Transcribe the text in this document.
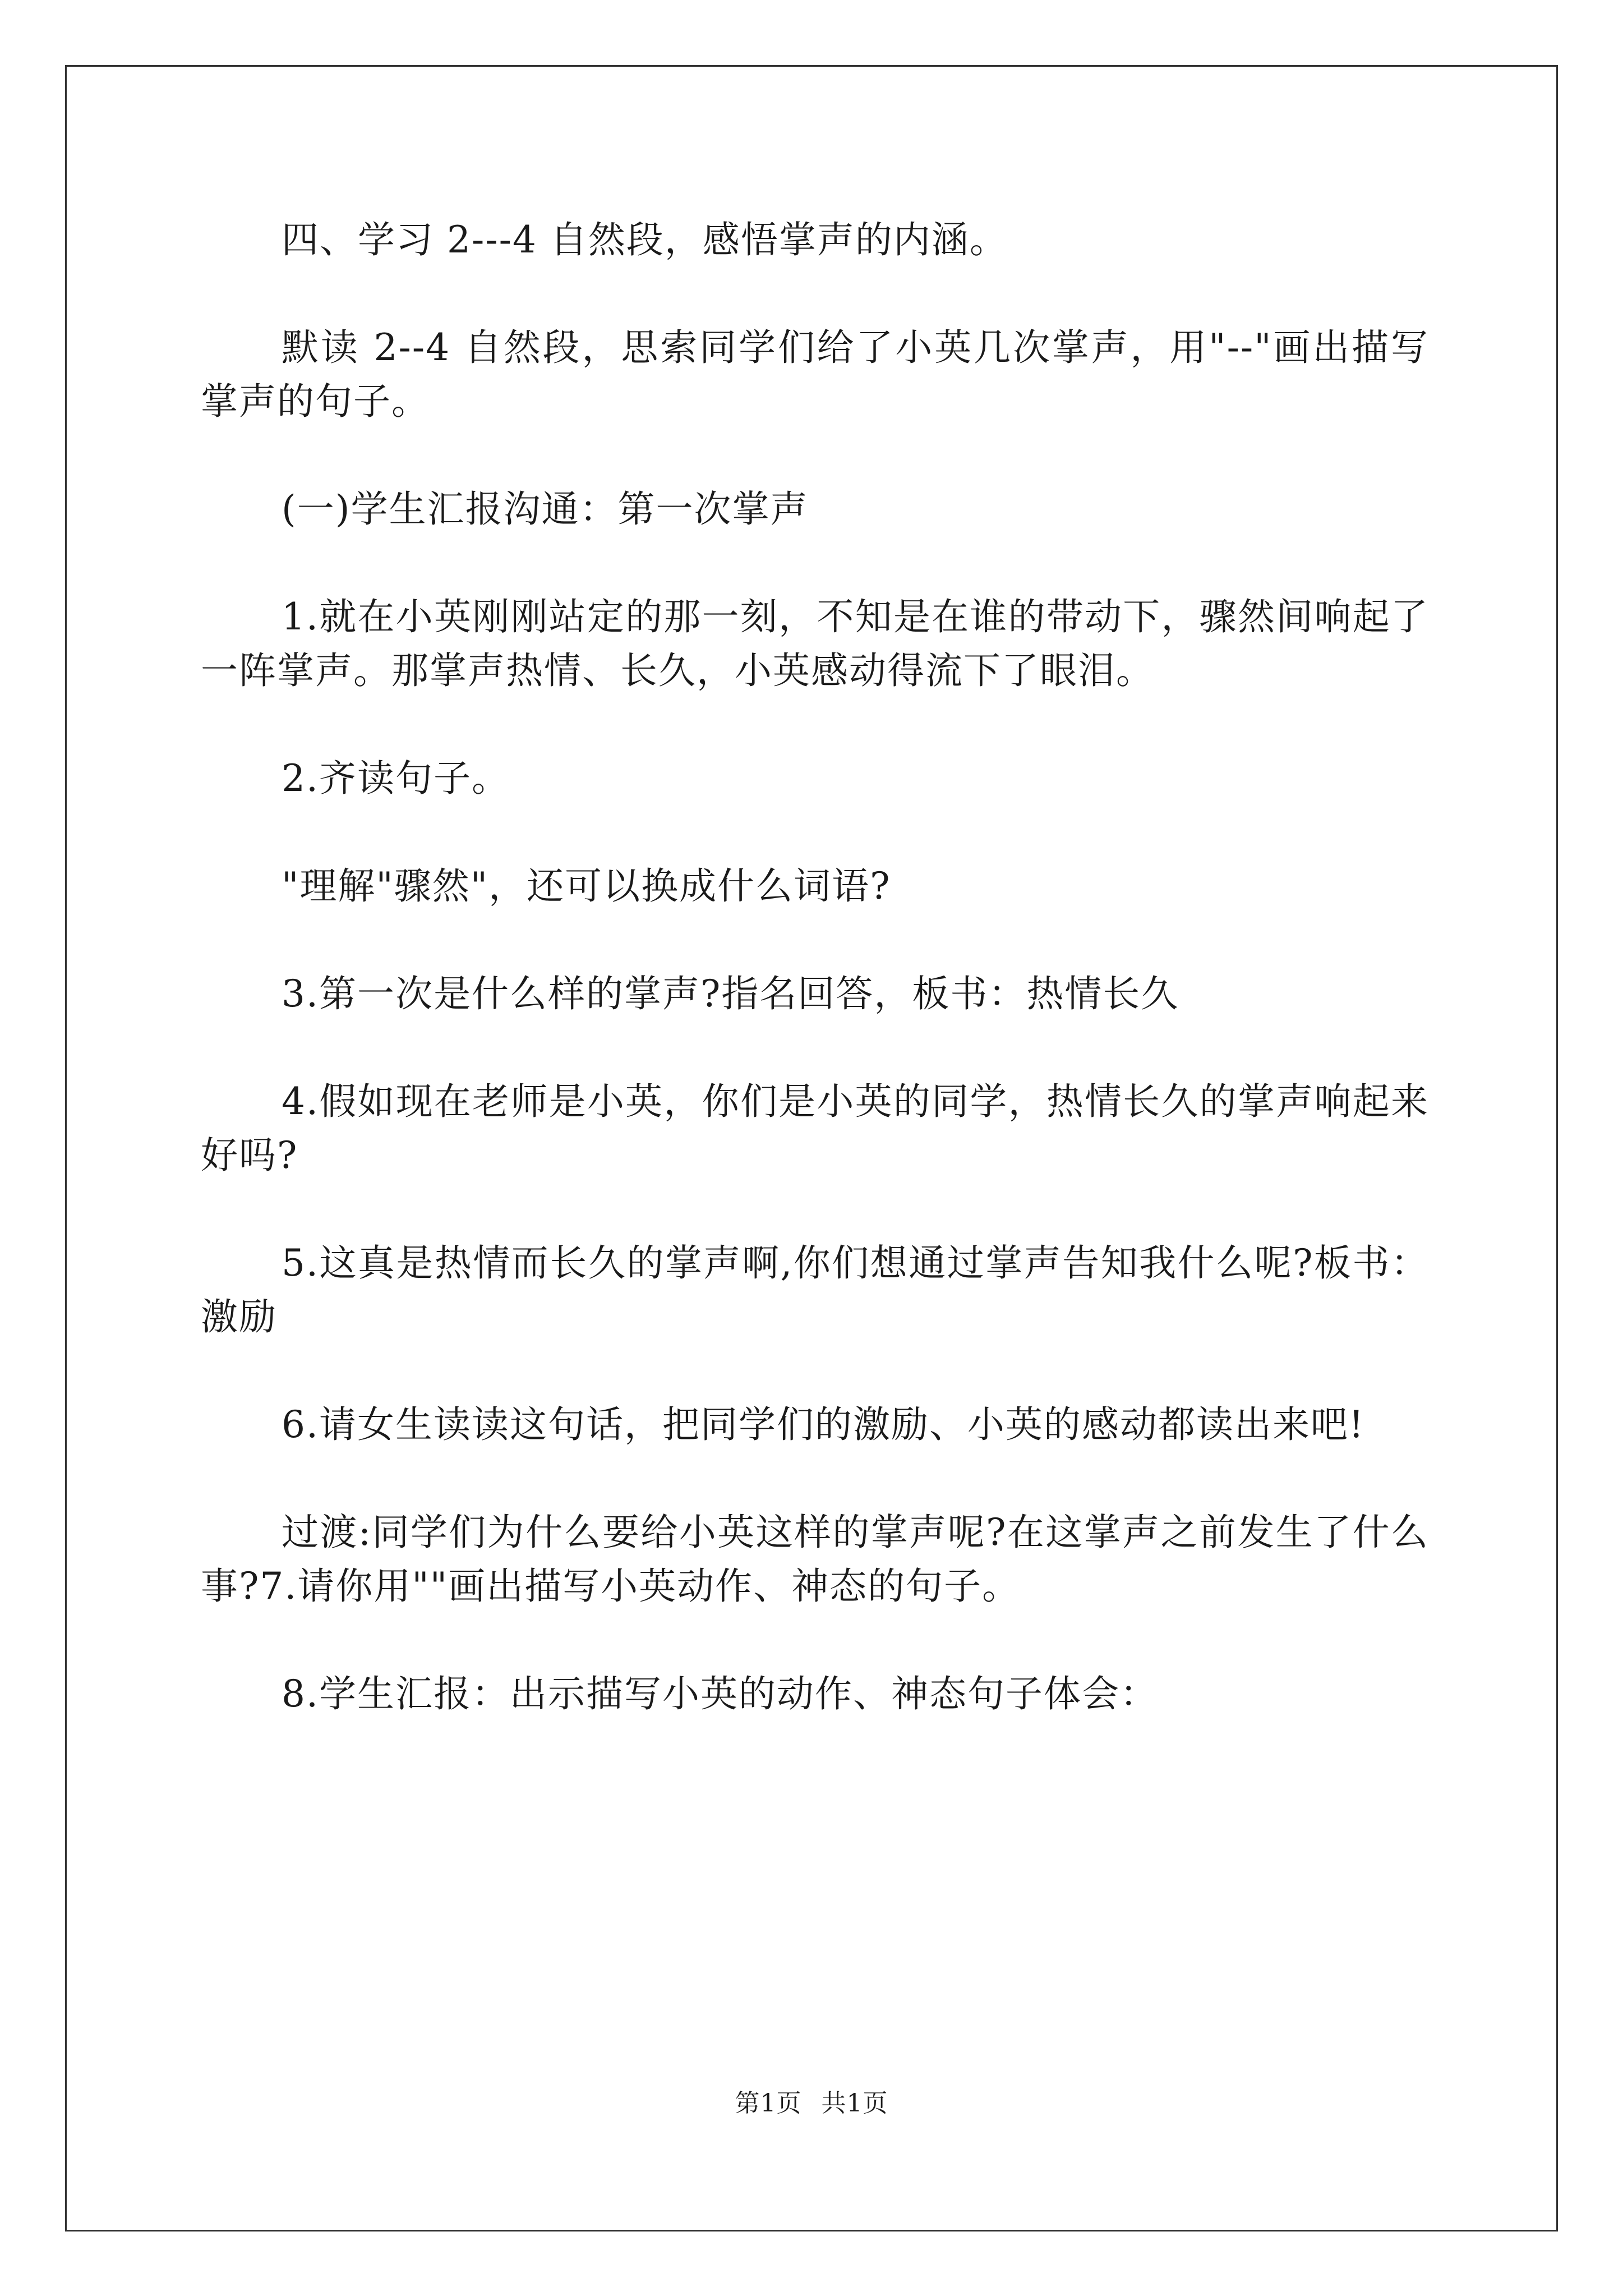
四、学习 2---4 自然段，感悟掌声的内涵。

默读 2--4 自然段，思索同学们给了小英几次掌声，用"--"画出描写掌声的句子。

(一)学生汇报沟通：第一次掌声

1.就在小英刚刚站定的那一刻，不知是在谁的带动下，骤然间响起了一阵掌声。那掌声热情、长久，小英感动得流下了眼泪。

2.齐读句子。

"理解"骤然"，还可以换成什么词语?

3.第一次是什么样的掌声?指名回答，板书：热情长久

4.假如现在老师是小英，你们是小英的同学，热情长久的掌声响起来好吗?

5.这真是热情而长久的掌声啊,你们想通过掌声告知我什么呢?板书：激励

6.请女生读读这句话，把同学们的激励、小英的感动都读出来吧!

过渡:同学们为什么要给小英这样的掌声呢?在这掌声之前发生了什么事?7.请你用""画出描写小英动作、神态的句子。

8.学生汇报：出示描写小英的动作、神态句子体会：

第1页 共1页
